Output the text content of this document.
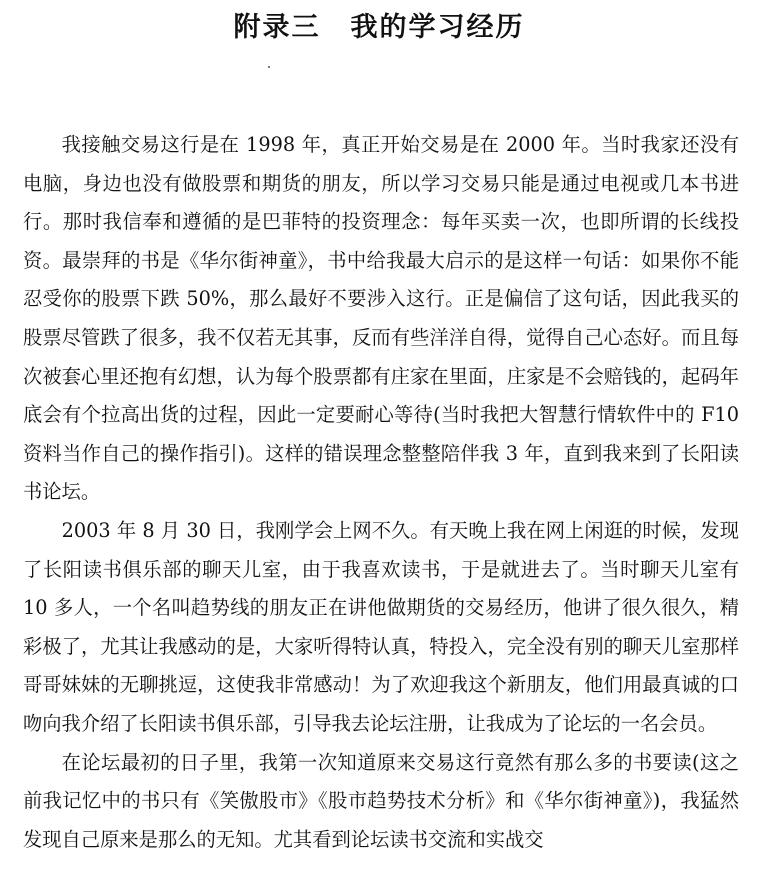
附录三 我的学习经历

我接触交易这行是在 1998 年，真正开始交易是在 2000 年。当时我家还没有电脑，身边也没有做股票和期货的朋友，所以学习交易只能是通过电视或几本书进行。那时我信奉和遵循的是巴菲特的投资理念：每年买卖一次，也即所谓的长线投资。最崇拜的书是《华尔街神童》，书中给我最大启示的是这样一句话：如果你不能忍受你的股票下跌 50%，那么最好不要涉入这行。正是偏信了这句话，因此我买的股票尽管跌了很多，我不仅若无其事，反而有些洋洋自得，觉得自己心态好。而且每次被套心里还抱有幻想，认为每个股票都有庄家在里面，庄家是不会赔钱的，起码年底会有个拉高出货的过程，因此一定要耐心等待(当时我把大智慧行情软件中的 F10 资料当作自己的操作指引)。这样的错误理念整整陪伴我 3 年，直到我来到了长阳读书论坛。

2003 年 8 月 30 日，我刚学会上网不久。有天晚上我在网上闲逛的时候，发现了长阳读书俱乐部的聊天儿室，由于我喜欢读书，于是就进去了。当时聊天儿室有 10 多人，一个名叫趋势线的朋友正在讲他做期货的交易经历，他讲了很久很久，精彩极了，尤其让我感动的是，大家听得特认真，特投入，完全没有别的聊天儿室那样哥哥妹妹的无聊挑逗，这使我非常感动！为了欢迎我这个新朋友，他们用最真诚的口吻向我介绍了长阳读书俱乐部，引导我去论坛注册，让我成为了论坛的一名会员。

在论坛最初的日子里，我第一次知道原来交易这行竟然有那么多的书要读(这之前我记忆中的书只有《笑傲股市》《股市趋势技术分析》和《华尔街神童》)，我猛然发现自己原来是那么的无知。尤其看到论坛读书交流和实战交
